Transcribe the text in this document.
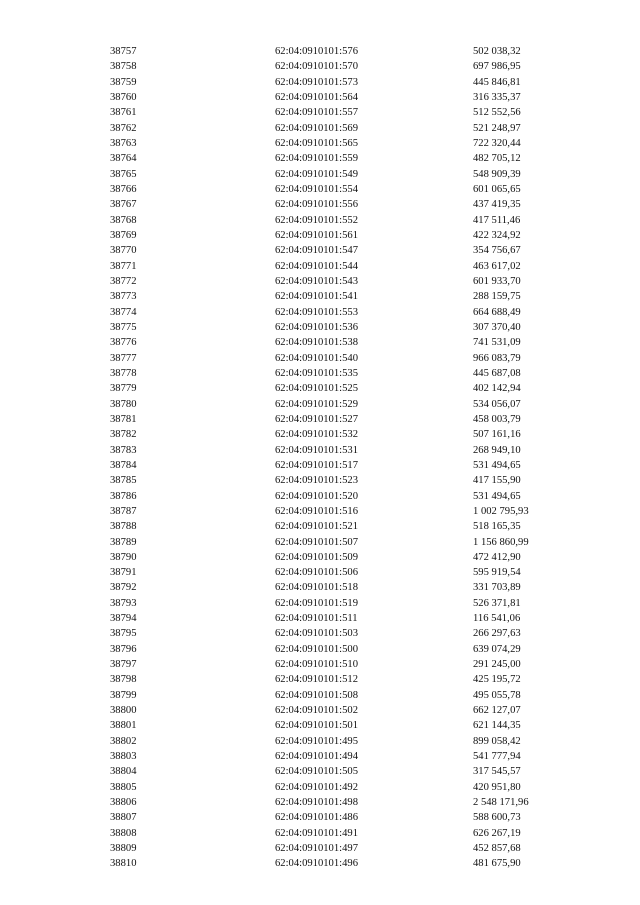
38757	62:04:0910101:576	502 038,32
38758	62:04:0910101:570	697 986,95
38759	62:04:0910101:573	445 846,81
38760	62:04:0910101:564	316 335,37
38761	62:04:0910101:557	512 552,56
38762	62:04:0910101:569	521 248,97
38763	62:04:0910101:565	722 320,44
38764	62:04:0910101:559	482 705,12
38765	62:04:0910101:549	548 909,39
38766	62:04:0910101:554	601 065,65
38767	62:04:0910101:556	437 419,35
38768	62:04:0910101:552	417 511,46
38769	62:04:0910101:561	422 324,92
38770	62:04:0910101:547	354 756,67
38771	62:04:0910101:544	463 617,02
38772	62:04:0910101:543	601 933,70
38773	62:04:0910101:541	288 159,75
38774	62:04:0910101:553	664 688,49
38775	62:04:0910101:536	307 370,40
38776	62:04:0910101:538	741 531,09
38777	62:04:0910101:540	966 083,79
38778	62:04:0910101:535	445 687,08
38779	62:04:0910101:525	402 142,94
38780	62:04:0910101:529	534 056,07
38781	62:04:0910101:527	458 003,79
38782	62:04:0910101:532	507 161,16
38783	62:04:0910101:531	268 949,10
38784	62:04:0910101:517	531 494,65
38785	62:04:0910101:523	417 155,90
38786	62:04:0910101:520	531 494,65
38787	62:04:0910101:516	1 002 795,93
38788	62:04:0910101:521	518 165,35
38789	62:04:0910101:507	1 156 860,99
38790	62:04:0910101:509	472 412,90
38791	62:04:0910101:506	595 919,54
38792	62:04:0910101:518	331 703,89
38793	62:04:0910101:519	526 371,81
38794	62:04:0910101:511	116 541,06
38795	62:04:0910101:503	266 297,63
38796	62:04:0910101:500	639 074,29
38797	62:04:0910101:510	291 245,00
38798	62:04:0910101:512	425 195,72
38799	62:04:0910101:508	495 055,78
38800	62:04:0910101:502	662 127,07
38801	62:04:0910101:501	621 144,35
38802	62:04:0910101:495	899 058,42
38803	62:04:0910101:494	541 777,94
38804	62:04:0910101:505	317 545,57
38805	62:04:0910101:492	420 951,80
38806	62:04:0910101:498	2 548 171,96
38807	62:04:0910101:486	588 600,73
38808	62:04:0910101:491	626 267,19
38809	62:04:0910101:497	452 857,68
38810	62:04:0910101:496	481 675,90
